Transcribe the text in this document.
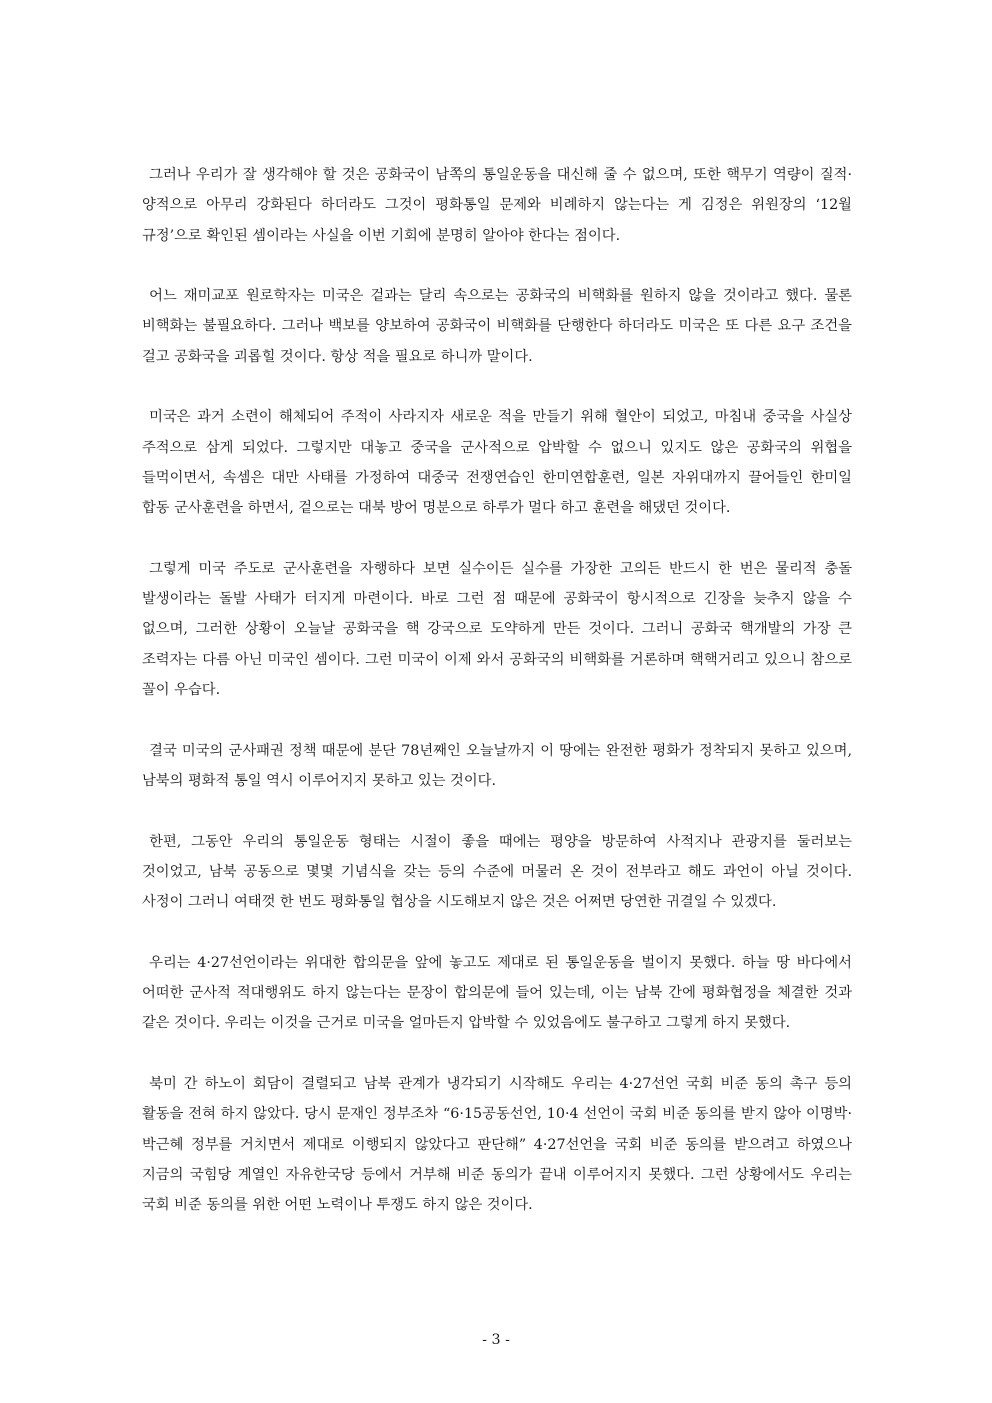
그러나 우리가 잘 생각해야 할 것은 공화국이 남쪽의 통일운동을 대신해 줄 수 없으며, 또한 핵무기 역량이 질적·양적으로 아무리 강화된다 하더라도 그것이 평화통일 문제와 비례하지 않는다는 게 김정은 위원장의 ‘12월 규정’으로 확인된 셈이라는 사실을 이번 기회에 분명히 알아야 한다는 점이다.

어느 재미교포 원로학자는 미국은 겉과는 달리 속으로는 공화국의 비핵화를 원하지 않을 것이라고 했다. 물론 비핵화는 불필요하다. 그러나 백보를 양보하여 공화국이 비핵화를 단행한다 하더라도 미국은 또 다른 요구 조건을 걸고 공화국을 괴롭힐 것이다. 항상 적을 필요로 하니까 말이다.

미국은 과거 소련이 해체되어 주적이 사라지자 새로운 적을 만들기 위해 혈안이 되었고, 마침내 중국을 사실상 주적으로 삼게 되었다. 그렇지만 대놓고 중국을 군사적으로 압박할 수 없으니 있지도 않은 공화국의 위협을 들먹이면서, 속셈은 대만 사태를 가정하여 대중국 전쟁연습인 한미연합훈련, 일본 자위대까지 끌어들인 한미일 합동 군사훈련을 하면서, 겉으로는 대북 방어 명분으로 하루가 멀다 하고 훈련을 해댔던 것이다.

그렇게 미국 주도로 군사훈련을 자행하다 보면 실수이든 실수를 가장한 고의든 반드시 한 번은 물리적 충돌 발생이라는 돌발 사태가 터지게 마련이다. 바로 그런 점 때문에 공화국이 항시적으로 긴장을 늦추지 않을 수 없으며, 그러한 상황이 오늘날 공화국을 핵 강국으로 도약하게 만든 것이다. 그러니 공화국 핵개발의 가장 큰 조력자는 다름 아닌 미국인 셈이다. 그런 미국이 이제 와서 공화국의 비핵화를 거론하며 핵핵거리고 있으니 참으로 꼴이 우습다.

결국 미국의 군사패권 정책 때문에 분단 78년째인 오늘날까지 이 땅에는 완전한 평화가 정착되지 못하고 있으며, 남북의 평화적 통일 역시 이루어지지 못하고 있는 것이다.

한편, 그동안 우리의 통일운동 형태는 시절이 좋을 때에는 평양을 방문하여 사적지나 관광지를 둘러보는 것이었고, 남북 공동으로 몇몇 기념식을 갖는 등의 수준에 머물러 온 것이 전부라고 해도 과언이 아닐 것이다. 사정이 그러니 여태껏 한 번도 평화통일 협상을 시도해보지 않은 것은 어쩌면 당연한 귀결일 수 있겠다.

우리는 4·27선언이라는 위대한 합의문을 앞에 놓고도 제대로 된 통일운동을 벌이지 못했다. 하늘 땅 바다에서 어떠한 군사적 적대행위도 하지 않는다는 문장이 합의문에 들어 있는데, 이는 남북 간에 평화협정을 체결한 것과 같은 것이다. 우리는 이것을 근거로 미국을 얼마든지 압박할 수 있었음에도 불구하고 그렇게 하지 못했다.

북미 간 하노이 회담이 결렬되고 남북 관계가 냉각되기 시작해도 우리는 4·27선언 국회 비준 동의 촉구 등의 활동을 전혀 하지 않았다. 당시 문재인 정부조차 “6·15공동선언, 10·4 선언이 국회 비준 동의를 받지 않아 이명박·박근혜 정부를 거치면서 제대로 이행되지 않았다고 판단해” 4·27선언을 국회 비준 동의를 받으려고 하였으나 지금의 국힘당 계열인 자유한국당 등에서 거부해 비준 동의가 끝내 이루어지지 못했다. 그런 상황에서도 우리는 국회 비준 동의를 위한 어떤 노력이나 투쟁도 하지 않은 것이다.

- 3 -
